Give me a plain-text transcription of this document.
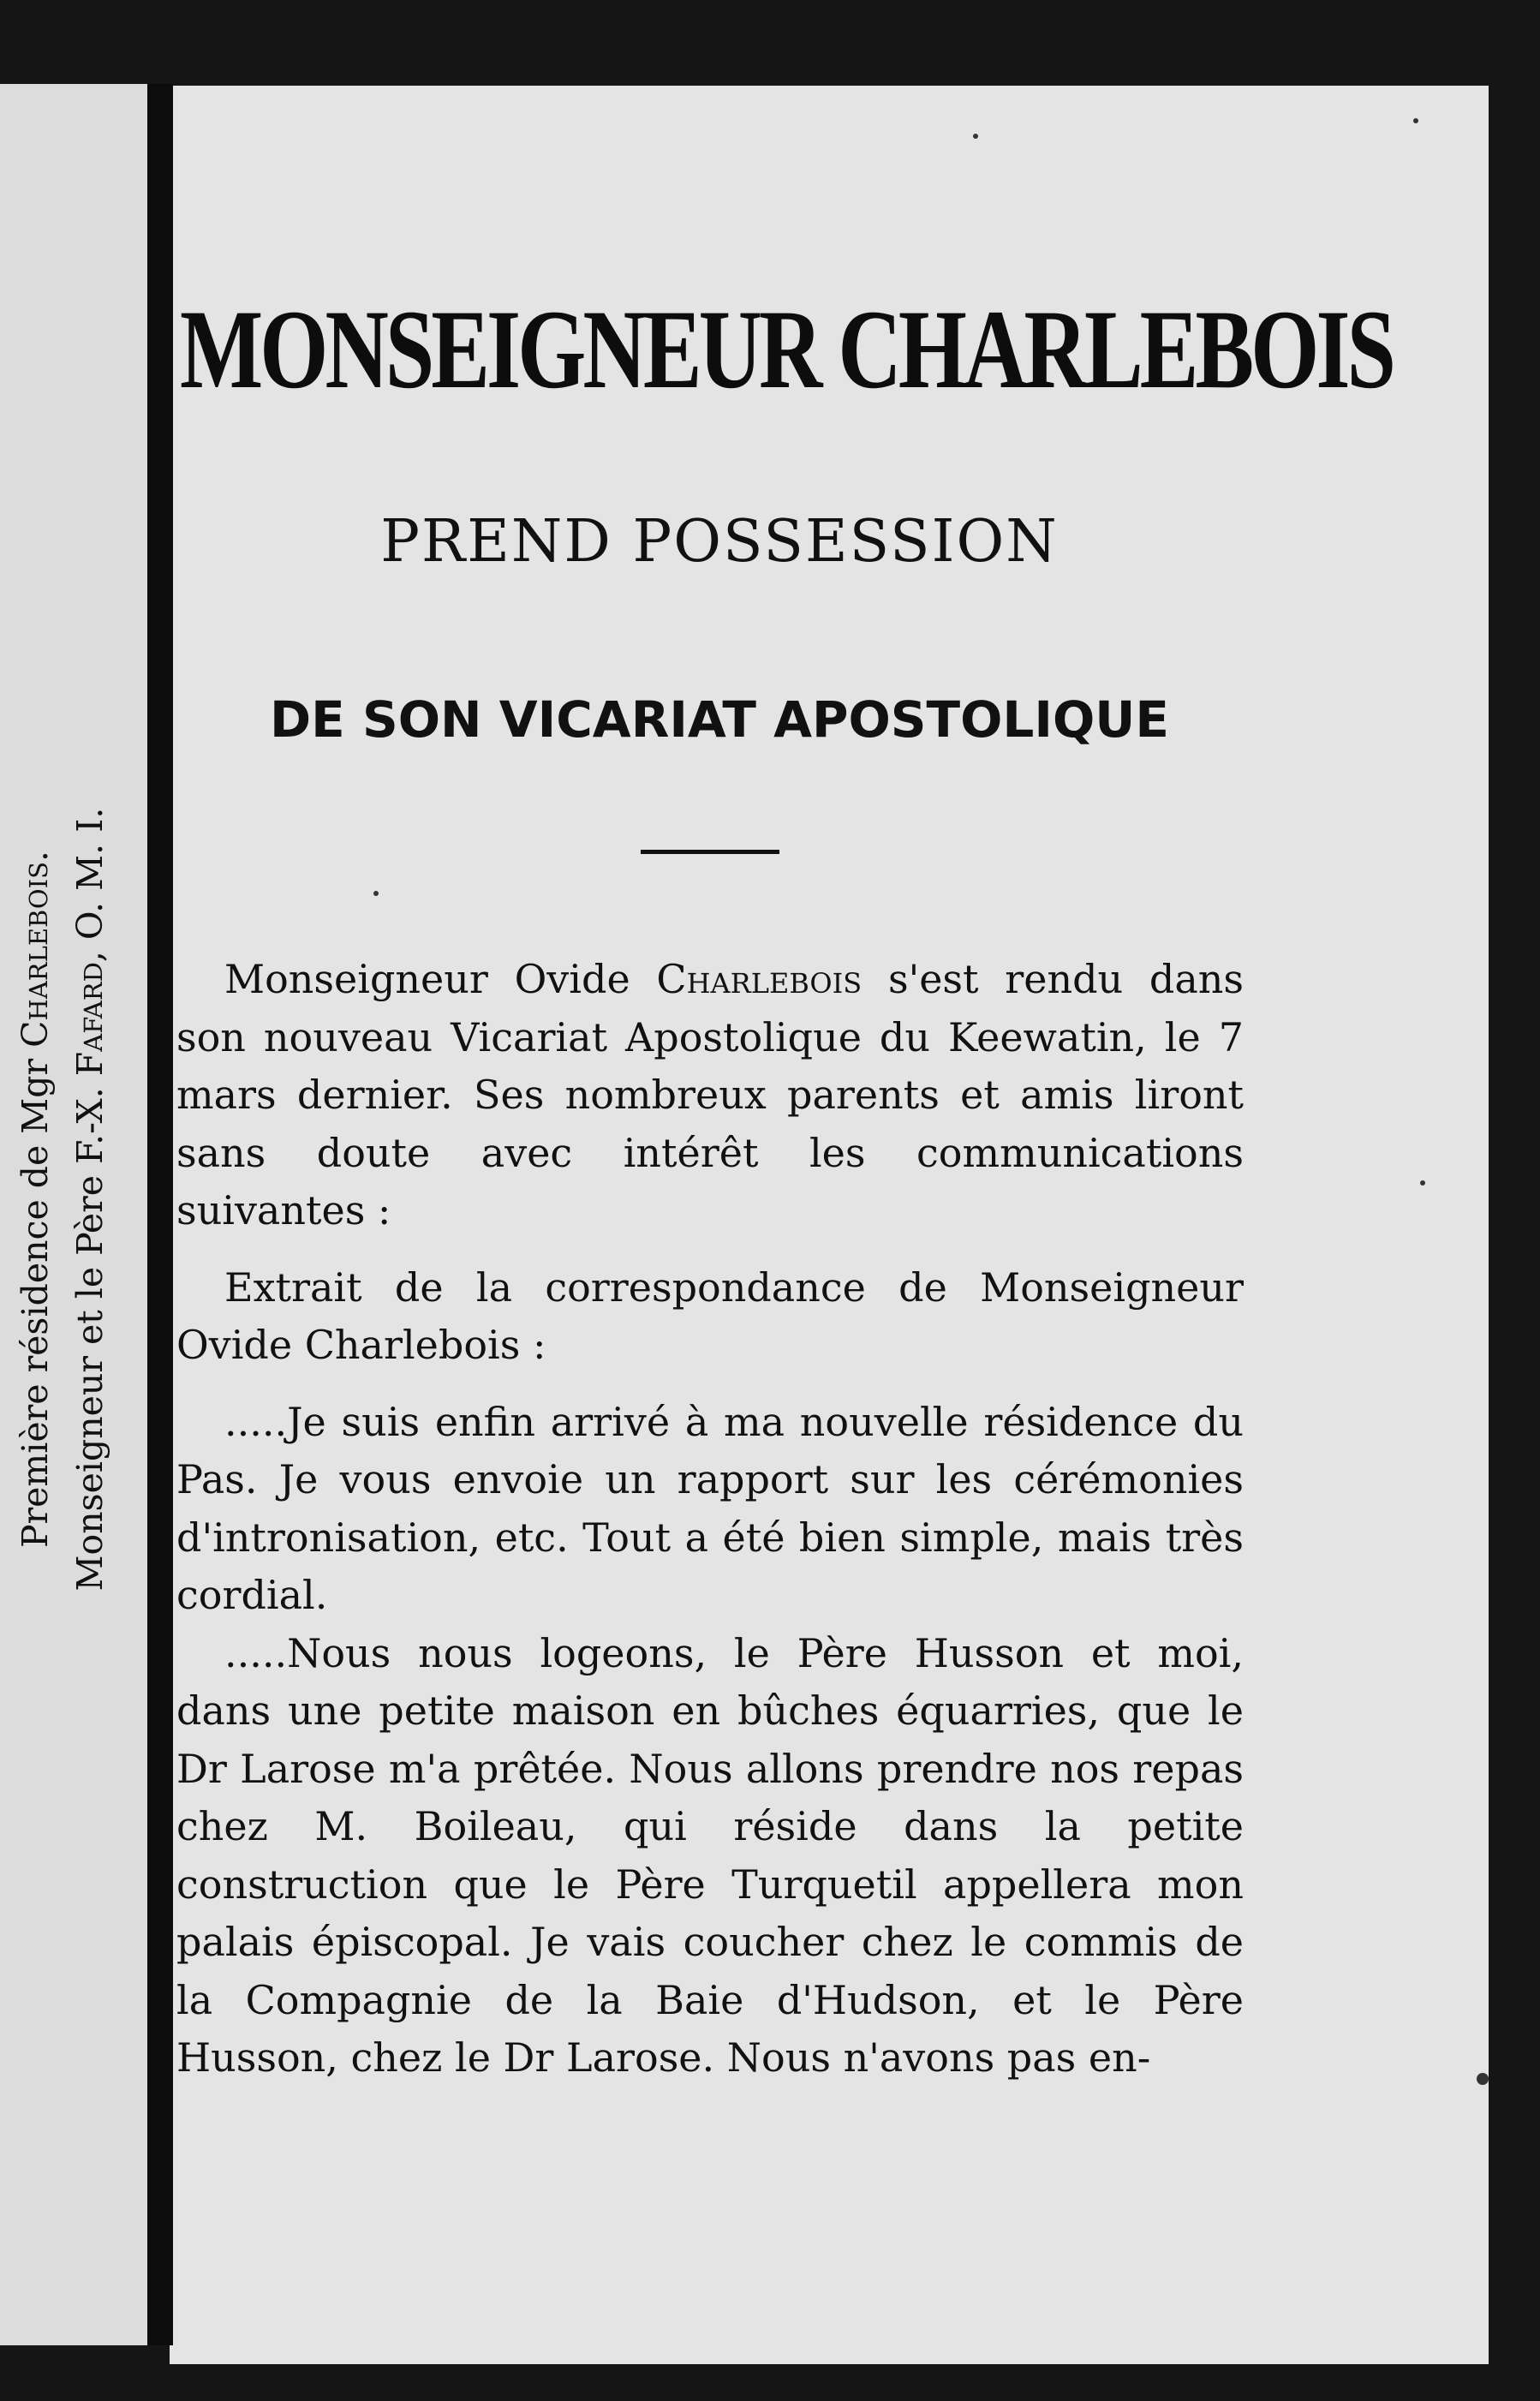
Première résidence de Mgr Charlebois.
Monseigneur et le Père F.-X. Fafard, O. M. I.
MONSEIGNEUR CHARLEBOIS
PREND POSSESSION
DE SON VICARIAT APOSTOLIQUE

Monseigneur Ovide Charlebois s'est rendu dans son nouveau Vicariat Apostolique du Keewatin, le 7 mars dernier. Ses nombreux parents et amis liront sans doute avec intérêt les communications suivantes :

Extrait de la correspondance de Monseigneur Ovide Charlebois :

.....Je suis enfin arrivé à ma nouvelle résidence du Pas. Je vous envoie un rapport sur les cérémonies d'intronisation, etc. Tout a été bien simple, mais très cordial.

.....Nous nous logeons, le Père Husson et moi, dans une petite maison en bûches équarries, que le Dr Larose m'a prêtée. Nous allons prendre nos repas chez M. Boileau, qui réside dans la petite construction que le Père Turquetil appellera mon palais épiscopal. Je vais coucher chez le commis de la Compagnie de la Baie d'Hudson, et le Père Husson, chez le Dr Larose. Nous n'avons pas en-
